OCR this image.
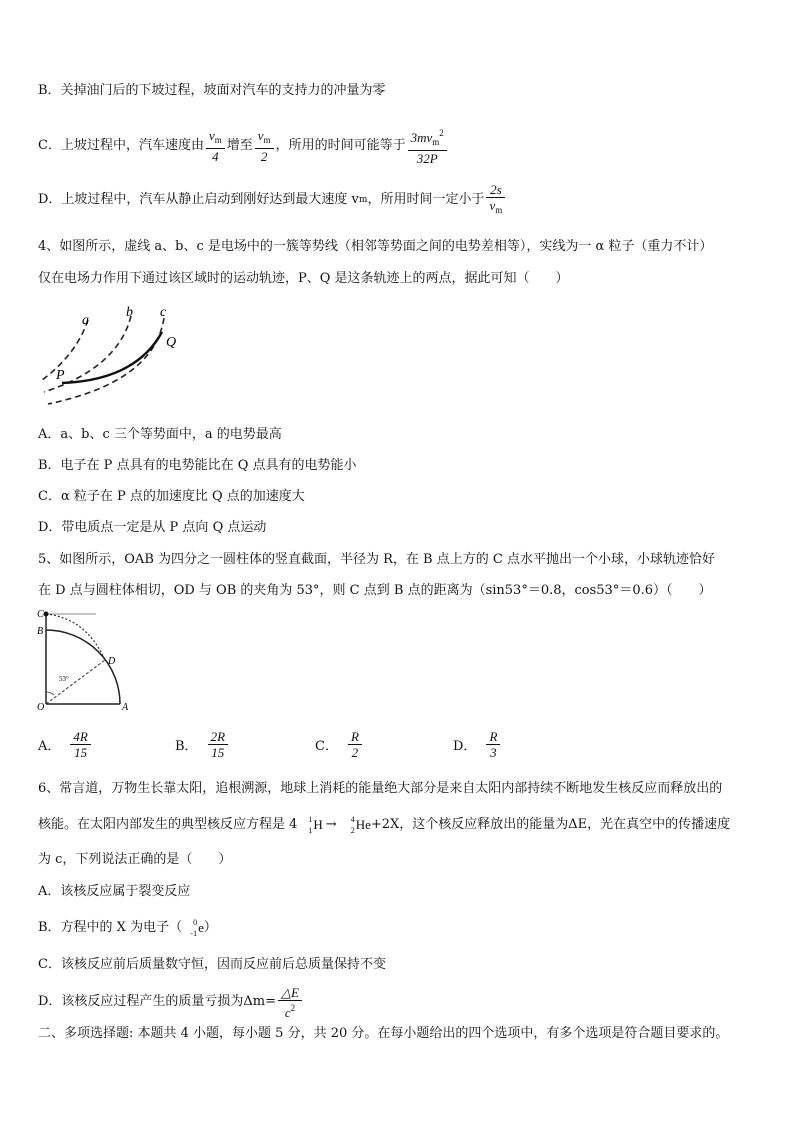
B．关掉油门后的下坡过程，坡面对汽车的支持力的冲量为零
C．上坡过程中，汽车速度由 $\frac{v_m}{4}$ 增至 $\frac{v_m}{2}$ ，所用的时间可能等于 $\frac{3mv_m^2}{32P}$
D．上坡过程中，汽车从静止启动到刚好达到最大速度 v m ，所用时间一定小于 $\frac{2s}{v_m}$
4、如图所示，虚线 a、b、c 是电场中的一簇等势线（相邻等势面之间的电势差相等），实线为一 α 粒子（重力不计）
仅在电场力作用下通过该区域时的运动轨迹，P、Q 是这条轨迹上的两点，据此可知（　　）
a
b c
P
Q
A．a、b、c 三个等势面中，a 的电势最高
B．电子在 P 点具有的电势能比在 Q 点具有的电势能小
C．α 粒子在 P 点的加速度比 Q 点的加速度大
D．带电质点一定是从 P 点向 Q 点运动
5、如图所示，OAB 为四分之一圆柱体的竖直截面，半径为 R，在 B 点上方的 C 点水平抛出一个小球，小球轨迹恰好
在 D 点与圆柱体相切，OD 与 OB 的夹角为 53°，则 C 点到 B 点的距离为（sin53°＝0.8，cos53°＝0.6）（　　）
C
B
D
O	A
53°
A． $\frac{4R}{15}$	B． $\frac{2R}{15}$	C． $\frac{R}{2}$	D． $\frac{R}{3}$
6、常言道，万物生长靠太阳，追根溯源，地球上消耗的能量绝大部分是来自太阳内部持续不断地发生核反应而释放出的
核能。在太阳内部发生的典型核反应方程是 4 1
1 H → 4
2 He +2X，这个核反应释放出的能量为ΔE，光在真空中的传播速度
为 c，下列说法正确的是（　　）
A．该核反应属于裂变反应
B．方程中的 X 为电子（ 0
-1 e ）
C．该核反应前后质量数守恒，因而反应前后总质量保持不变
D．该核反应过程产生的质量亏损为$\Delta m= \frac{\triangle E}{c^2}$
二、多项选择题: 本题共 4 小题，每小题 5 分，共 20 分。在每小题给出的四个选项中，有多个选项是符合题目要求的。
